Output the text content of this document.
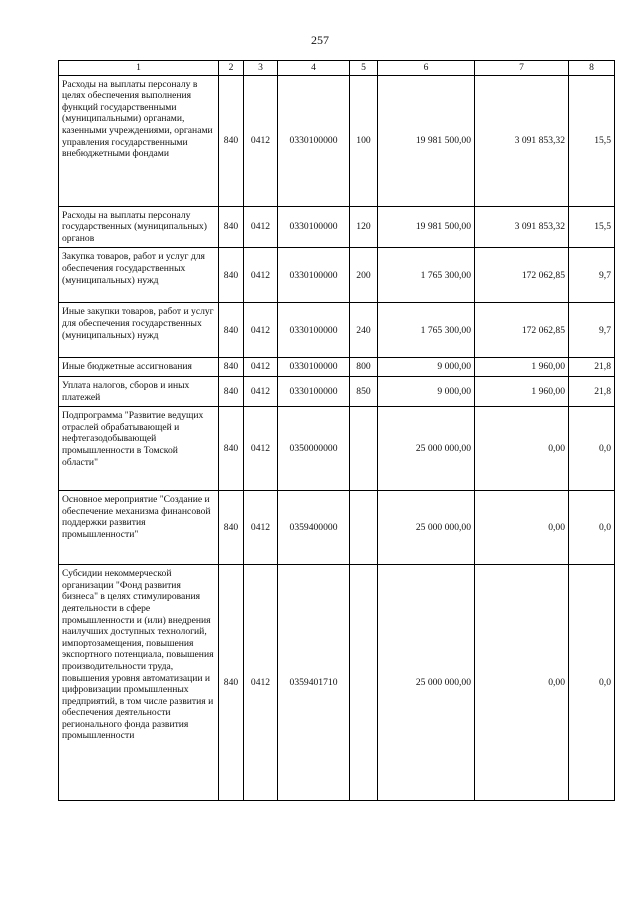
257
1	2	3	4	5	6	7	8
Расходы на выплаты персоналу в целях обеспечения выполнения функций государственными (муниципальными) органами, казенными учреждениями, органами управления государственными внебюджетными фондами	840	0412	0330100000	100	19 981 500,00	3 091 853,32	15,5
Расходы на выплаты персоналу государственных (муниципальных) органов	840	0412	0330100000	120	19 981 500,00	3 091 853,32	15,5
Закупка товаров, работ и услуг для обеспечения государственных (муниципальных) нужд	840	0412	0330100000	200	1 765 300,00	172 062,85	9,7
Иные закупки товаров, работ и услуг для обеспечения государственных (муниципальных) нужд	840	0412	0330100000	240	1 765 300,00	172 062,85	9,7
Иные бюджетные ассигнования	840	0412	0330100000	800	9 000,00	1 960,00	21,8
Уплата налогов, сборов и иных платежей	840	0412	0330100000	850	9 000,00	1 960,00	21,8
Подпрограмма "Развитие ведущих отраслей обрабатывающей и нефтегазодобывающей промышленности в Томской области"	840	0412	0350000000		25 000 000,00	0,00	0,0
Основное мероприятие "Создание и обеспечение механизма финансовой поддержки развития промышленности"	840	0412	0359400000		25 000 000,00	0,00	0,0
Субсидии некоммерческой организации "Фонд развития бизнеса" в целях стимулирования деятельности в сфере промышленности и (или) внедрения наилучших доступных технологий, импортозамещения, повышения экспортного потенциала, повышения производительности труда, повышения уровня автоматизации и цифровизации промышленных предприятий, в том числе развития и обеспечения деятельности регионального фонда развития промышленности	840	0412	0359401710		25 000 000,00	0,00	0,0
